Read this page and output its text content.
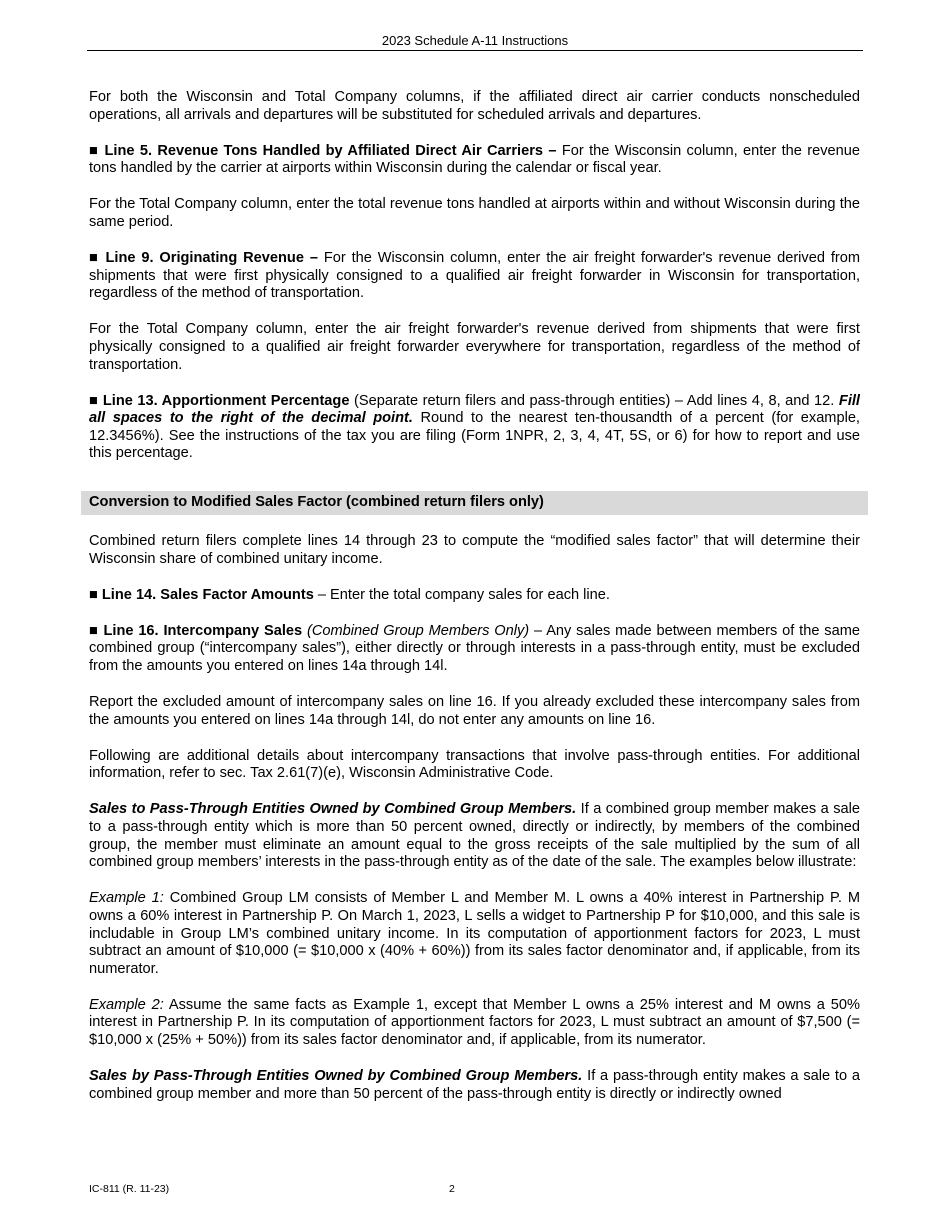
2023 Schedule A-11 Instructions

For both the Wisconsin and Total Company columns, if the affiliated direct air carrier conducts nonscheduled operations, all arrivals and departures will be substituted for scheduled arrivals and departures.

■ Line 5. Revenue Tons Handled by Affiliated Direct Air Carriers – For the Wisconsin column, enter the revenue tons handled by the carrier at airports within Wisconsin during the calendar or fiscal year.

For the Total Company column, enter the total revenue tons handled at airports within and without Wisconsin during the same period.

■ Line 9. Originating Revenue – For the Wisconsin column, enter the air freight forwarder's revenue derived from shipments that were first physically consigned to a qualified air freight forwarder in Wisconsin for transportation, regardless of the method of transportation.

For the Total Company column, enter the air freight forwarder's revenue derived from shipments that were first physically consigned to a qualified air freight forwarder everywhere for transportation, regardless of the method of transportation.

■ Line 13. Apportionment Percentage (Separate return filers and pass-through entities) – Add lines 4, 8, and 12. Fill all spaces to the right of the decimal point. Round to the nearest ten-thousandth of a percent (for example, 12.3456%). See the instructions of the tax you are filing (Form 1NPR, 2, 3, 4, 4T, 5S, or 6) for how to report and use this percentage.

Conversion to Modified Sales Factor (combined return filers only)

Combined return filers complete lines 14 through 23 to compute the “modified sales factor” that will determine their Wisconsin share of combined unitary income.

■ Line 14. Sales Factor Amounts – Enter the total company sales for each line.

■ Line 16. Intercompany Sales (Combined Group Members Only) – Any sales made between members of the same combined group (“intercompany sales”), either directly or through interests in a pass-through entity, must be excluded from the amounts you entered on lines 14a through 14l.

Report the excluded amount of intercompany sales on line 16. If you already excluded these intercompany sales from the amounts you entered on lines 14a through 14l, do not enter any amounts on line 16.

Following are additional details about intercompany transactions that involve pass-through entities. For additional information, refer to sec. Tax 2.61(7)(e), Wisconsin Administrative Code.

Sales to Pass-Through Entities Owned by Combined Group Members. If a combined group member makes a sale to a pass-through entity which is more than 50 percent owned, directly or indirectly, by members of the combined group, the member must eliminate an amount equal to the gross receipts of the sale multiplied by the sum of all combined group members’ interests in the pass-through entity as of the date of the sale. The examples below illustrate:

Example 1: Combined Group LM consists of Member L and Member M. L owns a 40% interest in Partnership P. M owns a 60% interest in Partnership P. On March 1, 2023, L sells a widget to Partnership P for $10,000, and this sale is includable in Group LM’s combined unitary income. In its computation of apportionment factors for 2023, L must subtract an amount of $10,000 (= $10,000 x (40% + 60%)) from its sales factor denominator and, if applicable, from its numerator.

Example 2: Assume the same facts as Example 1, except that Member L owns a 25% interest and M owns a 50% interest in Partnership P. In its computation of apportionment factors for 2023, L must subtract an amount of $7,500 (= $10,000 x (25% + 50%)) from its sales factor denominator and, if applicable, from its numerator.

Sales by Pass-Through Entities Owned by Combined Group Members. If a pass-through entity makes a sale to a combined group member and more than 50 percent of the pass-through entity is directly or indirectly owned

IC-811 (R. 11-23)	2
